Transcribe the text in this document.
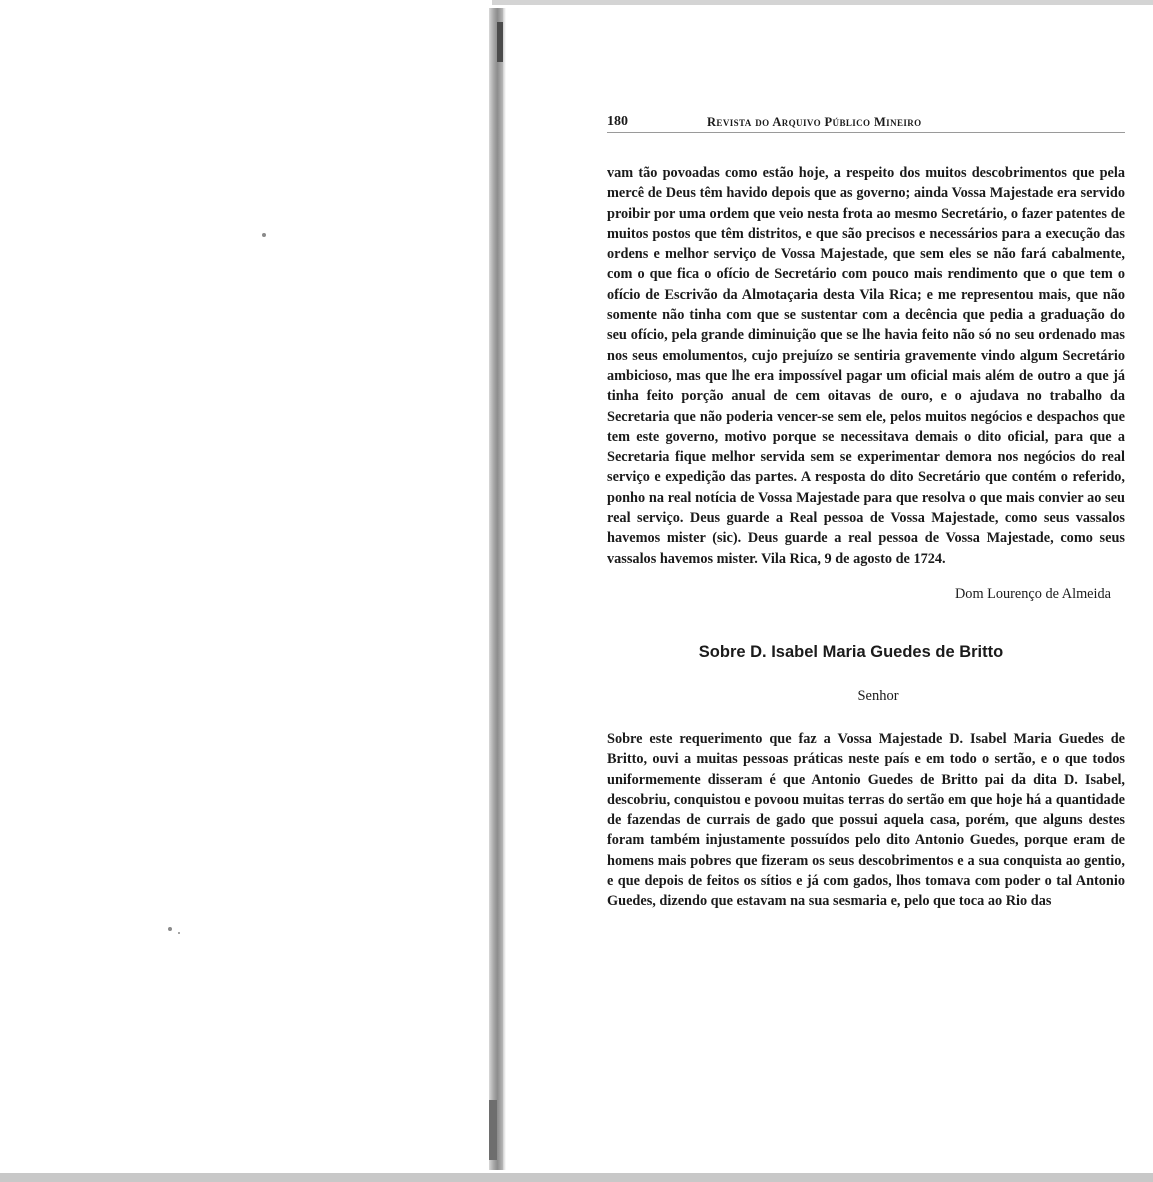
180	Revista do Arquivo Público Mineiro

vam tão povoadas como estão hoje, a respeito dos muitos descobrimentos que pela mercê de Deus têm havido depois que as governo; ainda Vossa Majestade era servido proibir por uma ordem que veio nesta frota ao mesmo Secretário, o fazer patentes de muitos postos que têm distritos, e que são precisos e necessários para a execução das ordens e melhor serviço de Vossa Majestade, que sem eles se não fará cabalmente, com o que fica o ofício de Secretário com pouco mais rendimento que o que tem o ofício de Escrivão da Almotaçaria desta Vila Rica; e me representou mais, que não somente não tinha com que se sustentar com a decência que pedia a graduação do seu ofício, pela grande diminuição que se lhe havia feito não só no seu ordenado mas nos seus emolumentos, cujo prejuízo se sentiria gravemente vindo algum Secretário ambicioso, mas que lhe era impossível pagar um oficial mais além de outro a que já tinha feito porção anual de cem oitavas de ouro, e o ajudava no trabalho da Secretaria que não poderia vencer-se sem ele, pelos muitos negócios e despachos que tem este governo, motivo porque se necessitava demais o dito oficial, para que a Secretaria fique melhor servida sem se experimentar demora nos negócios do real serviço e expedição das partes. A resposta do dito Secretário que contém o referido, ponho na real notícia de Vossa Majestade para que resolva o que mais convier ao seu real serviço. Deus guarde a Real pessoa de Vossa Majestade, como seus vassalos havemos mister (sic). Deus guarde a real pessoa de Vossa Majestade, como seus vassalos havemos mister. Vila Rica, 9 de agosto de 1724.

Dom Lourenço de Almeida
Sobre D. Isabel Maria Guedes de Britto
Senhor

Sobre este requerimento que faz a Vossa Majestade D. Isabel Maria Guedes de Britto, ouvi a muitas pessoas práticas neste país e em todo o sertão, e o que todos uniformemente disseram é que Antonio Guedes de Britto pai da dita D. Isabel, descobriu, conquistou e povoou muitas terras do sertão em que hoje há a quantidade de fazendas de currais de gado que possui aquela casa, porém, que alguns destes foram também injustamente possuídos pelo dito Antonio Guedes, porque eram de homens mais pobres que fizeram os seus descobrimentos e a sua conquista ao gentio, e que depois de feitos os sítios e já com gados, lhos tomava com poder o tal Antonio Guedes, dizendo que estavam na sua sesmaria e, pelo que toca ao Rio das
